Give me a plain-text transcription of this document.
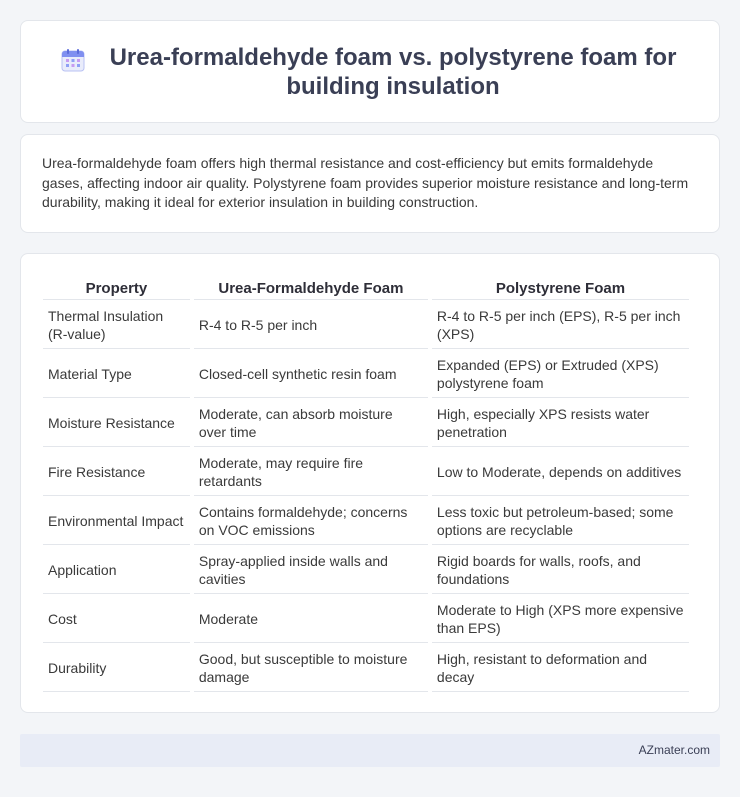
Urea-formaldehyde foam vs. polystyrene foam for building insulation

Urea-formaldehyde foam offers high thermal resistance and cost-efficiency but emits formaldehyde gases, affecting indoor air quality. Polystyrene foam provides superior moisture resistance and long-term durability, making it ideal for exterior insulation in building construction.

Property	Urea-Formaldehyde Foam	Polystyrene Foam
Thermal Insulation (R-value)	R-4 to R-5 per inch	R-4 to R-5 per inch (EPS), R-5 per inch (XPS)
Material Type	Closed-cell synthetic resin foam	Expanded (EPS) or Extruded (XPS) polystyrene foam
Moisture Resistance	Moderate, can absorb moisture over time	High, especially XPS resists water penetration
Fire Resistance	Moderate, may require fire retardants	Low to Moderate, depends on additives
Environmental Impact	Contains formaldehyde; concerns on VOC emissions	Less toxic but petroleum-based; some options are recyclable
Application	Spray-applied inside walls and cavities	Rigid boards for walls, roofs, and foundations
Cost	Moderate	Moderate to High (XPS more expensive than EPS)
Durability	Good, but susceptible to moisture damage	High, resistant to deformation and decay
AZmater.com
